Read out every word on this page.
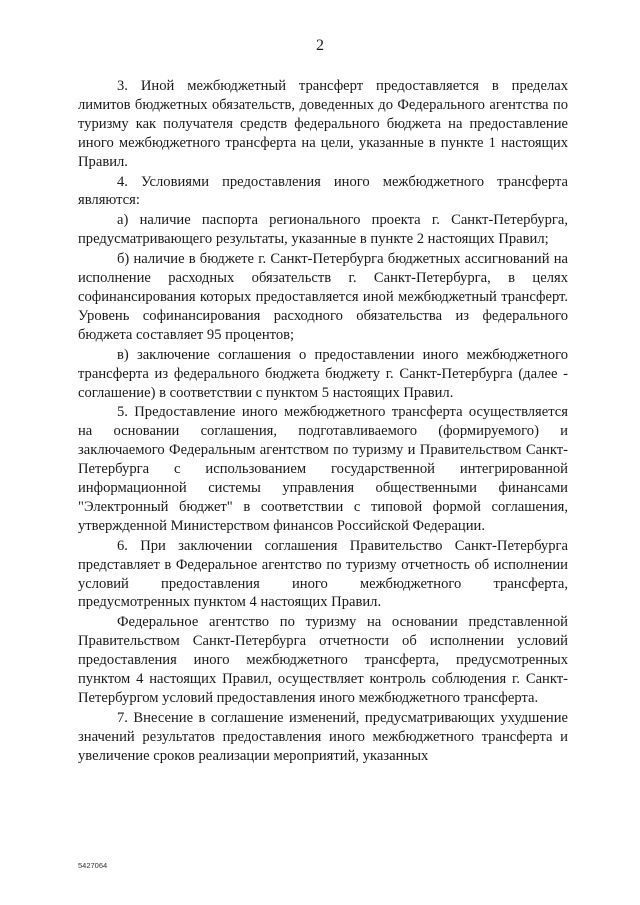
2

3. Иной межбюджетный трансферт предоставляется в пределах лимитов бюджетных обязательств, доведенных до Федерального агентства по туризму как получателя средств федерального бюджета на предоставление иного межбюджетного трансферта на цели, указанные в пункте 1 настоящих Правил.

4. Условиями предоставления иного межбюджетного трансферта являются:

а) наличие паспорта регионального проекта г. Санкт-Петербурга, предусматривающего результаты, указанные в пункте 2 настоящих Правил;

б) наличие в бюджете г. Санкт-Петербурга бюджетных ассигнований на исполнение расходных обязательств г. Санкт-Петербурга, в целях софинансирования которых предоставляется иной межбюджетный трансферт. Уровень софинансирования расходного обязательства из федерального бюджета составляет 95 процентов;

в) заключение соглашения о предоставлении иного межбюджетного трансферта из федерального бюджета бюджету г. Санкт-Петербурга (далее - соглашение) в соответствии с пунктом 5 настоящих Правил.

5. Предоставление иного межбюджетного трансферта осуществляется на основании соглашения, подготавливаемого (формируемого) и заключаемого Федеральным агентством по туризму и Правительством Санкт-Петербурга с использованием государственной интегрированной информационной системы управления общественными финансами "Электронный бюджет" в соответствии с типовой формой соглашения, утвержденной Министерством финансов Российской Федерации.

6. При заключении соглашения Правительство Санкт-Петербурга представляет в Федеральное агентство по туризму отчетность об исполнении условий предоставления иного межбюджетного трансферта, предусмотренных пунктом 4 настоящих Правил.

Федеральное агентство по туризму на основании представленной Правительством Санкт-Петербурга отчетности об исполнении условий предоставления иного межбюджетного трансферта, предусмотренных пунктом 4 настоящих Правил, осуществляет контроль соблюдения г. Санкт-Петербургом условий предоставления иного межбюджетного трансферта.

7. Внесение в соглашение изменений, предусматривающих ухудшение значений результатов предоставления иного межбюджетного трансферта и увеличение сроков реализации мероприятий, указанных

5427064
